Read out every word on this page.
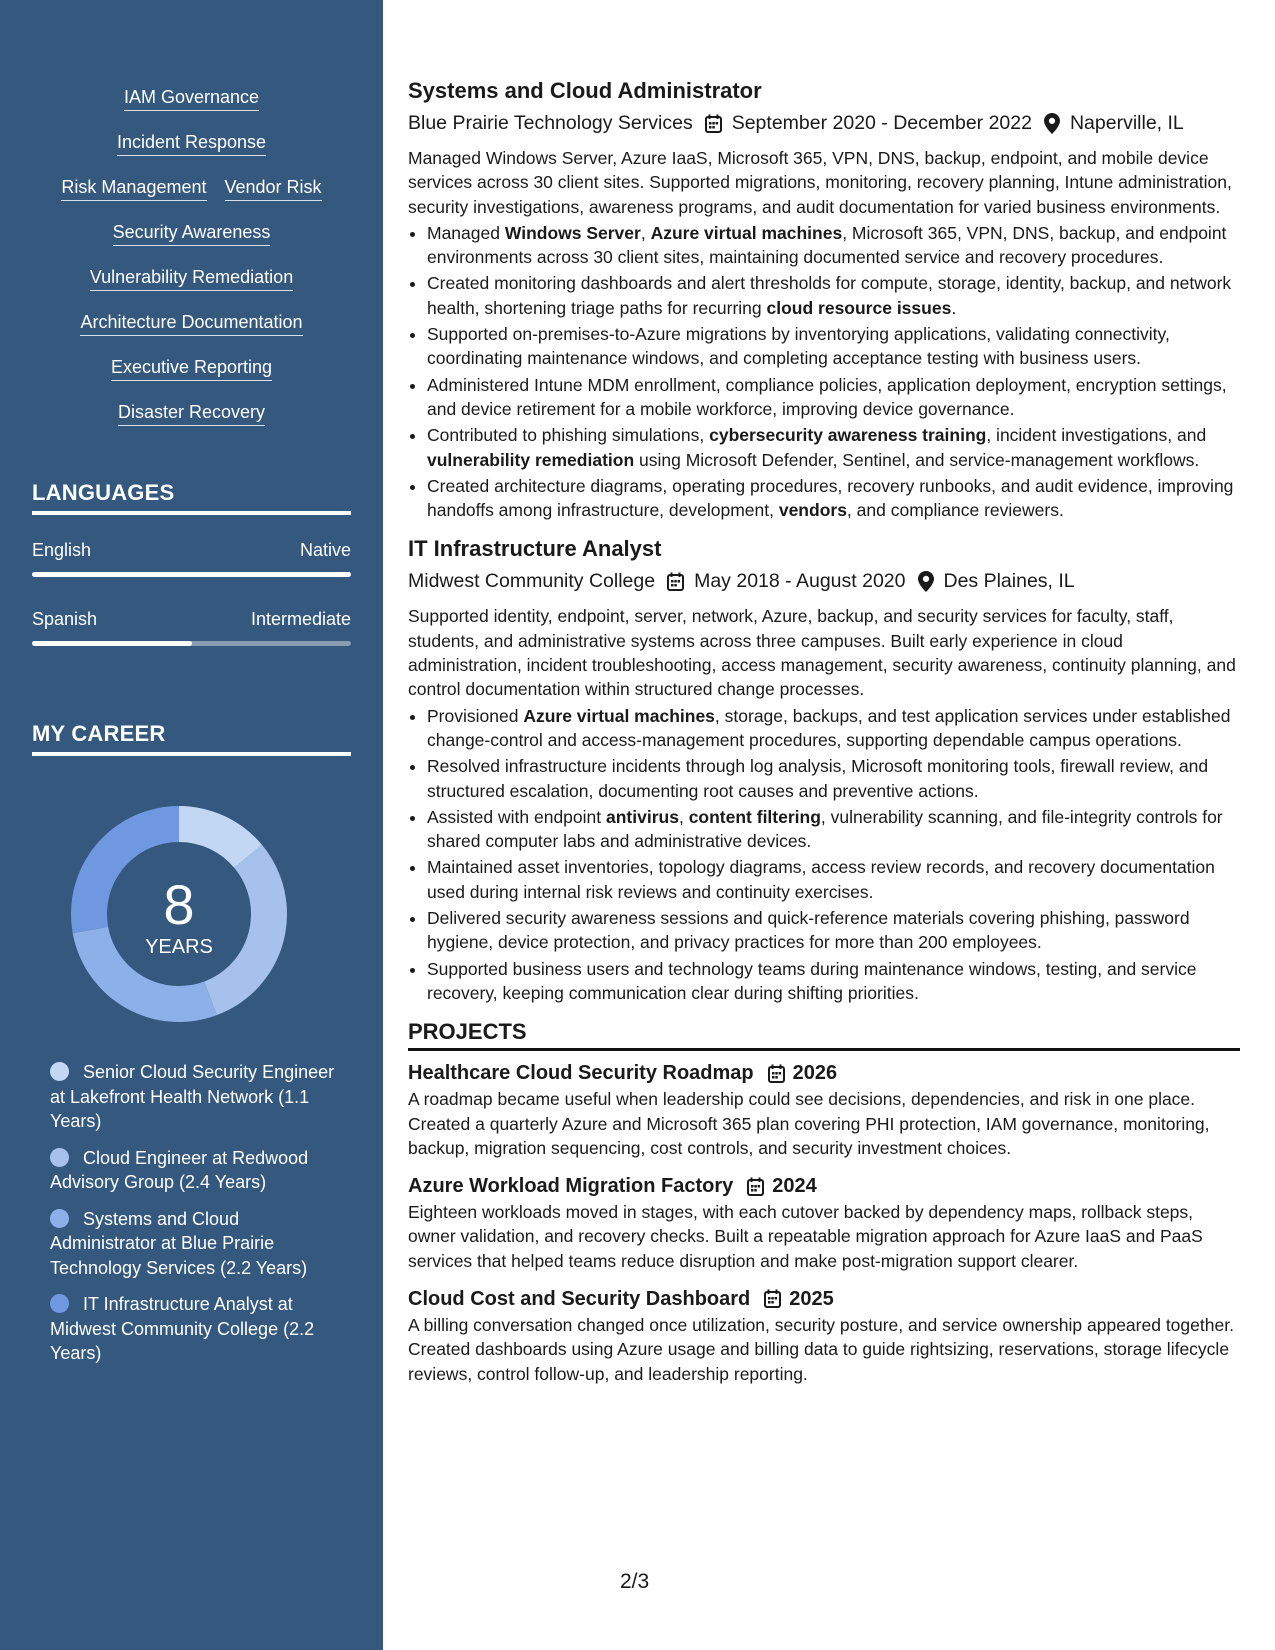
IAM Governance
Incident Response
Risk Management Vendor Risk
Security Awareness
Vulnerability Remediation
Architecture Documentation
Executive Reporting
Disaster Recovery
LANGUAGES
English	Native
Spanish	Intermediate
MY CAREER
8
YEARS
Senior Cloud Security Engineer at Lakefront Health Network (1.1 Years)
Cloud Engineer at Redwood Advisory Group (2.4 Years)
Systems and Cloud Administrator at Blue Prairie Technology Services (2.2 Years)
IT Infrastructure Analyst at Midwest Community College (2.2 Years)
Systems and Cloud Administrator
Blue Prairie Technology Services September 2020 - December 2022 Naperville, IL
Managed Windows Server, Azure IaaS, Microsoft 365, VPN, DNS, backup, endpoint, and mobile device services across 30 client sites. Supported migrations, monitoring, recovery planning, Intune administration, security investigations, awareness programs, and audit documentation for varied business environments.
• Managed Windows Server, Azure virtual machines, Microsoft 365, VPN, DNS, backup, and endpoint environments across 30 client sites, maintaining documented service and recovery procedures.
• Created monitoring dashboards and alert thresholds for compute, storage, identity, backup, and network health, shortening triage paths for recurring cloud resource issues.
• Supported on-premises-to-Azure migrations by inventorying applications, validating connectivity, coordinating maintenance windows, and completing acceptance testing with business users.
• Administered Intune MDM enrollment, compliance policies, application deployment, encryption settings, and device retirement for a mobile workforce, improving device governance.
• Contributed to phishing simulations, cybersecurity awareness training, incident investigations, and vulnerability remediation using Microsoft Defender, Sentinel, and service-management workflows.
• Created architecture diagrams, operating procedures, recovery runbooks, and audit evidence, improving handoffs among infrastructure, development, vendors, and compliance reviewers.
IT Infrastructure Analyst
Midwest Community College May 2018 - August 2020 Des Plaines, IL
Supported identity, endpoint, server, network, Azure, backup, and security services for faculty, staff, students, and administrative systems across three campuses. Built early experience in cloud administration, incident troubleshooting, access management, security awareness, continuity planning, and control documentation within structured change processes.
• Provisioned Azure virtual machines, storage, backups, and test application services under established change-control and access-management procedures, supporting dependable campus operations.
• Resolved infrastructure incidents through log analysis, Microsoft monitoring tools, firewall review, and structured escalation, documenting root causes and preventive actions.
• Assisted with endpoint antivirus, content filtering, vulnerability scanning, and file-integrity controls for shared computer labs and administrative devices.
• Maintained asset inventories, topology diagrams, access review records, and recovery documentation used during internal risk reviews and continuity exercises.
• Delivered security awareness sessions and quick-reference materials covering phishing, password hygiene, device protection, and privacy practices for more than 200 employees.
• Supported business users and technology teams during maintenance windows, testing, and service recovery, keeping communication clear during shifting priorities.
PROJECTS
Healthcare Cloud Security Roadmap 2026
A roadmap became useful when leadership could see decisions, dependencies, and risk in one place. Created a quarterly Azure and Microsoft 365 plan covering PHI protection, IAM governance, monitoring, backup, migration sequencing, cost controls, and security investment choices.
Azure Workload Migration Factory 2024
Eighteen workloads moved in stages, with each cutover backed by dependency maps, rollback steps, owner validation, and recovery checks. Built a repeatable migration approach for Azure IaaS and PaaS services that helped teams reduce disruption and make post-migration support clearer.
Cloud Cost and Security Dashboard 2025
A billing conversation changed once utilization, security posture, and service ownership appeared together. Created dashboards using Azure usage and billing data to guide rightsizing, reservations, storage lifecycle reviews, control follow-up, and leadership reporting.
2/3
